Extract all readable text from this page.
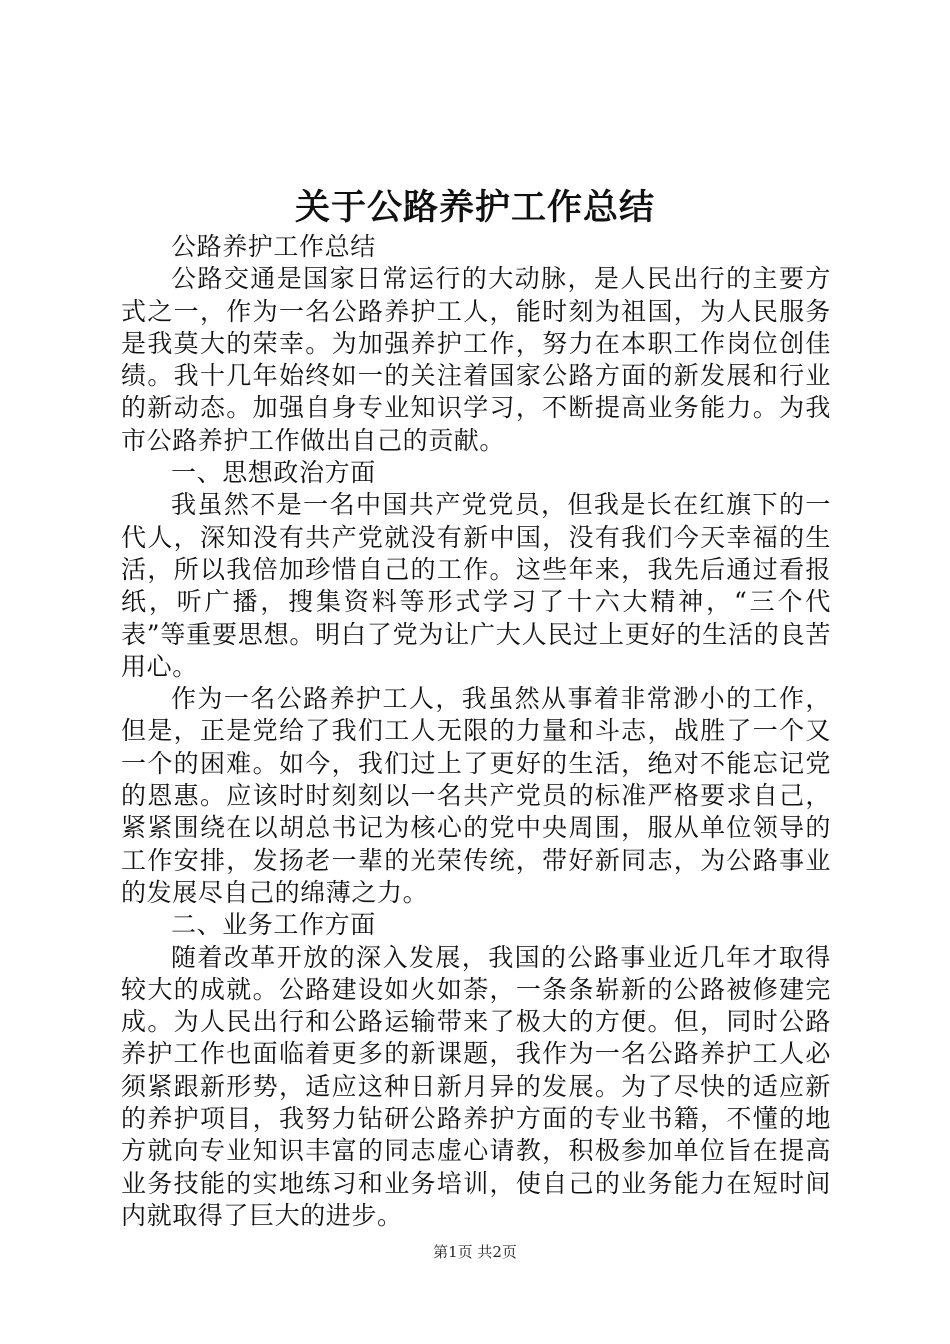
关于公路养护工作总结

公路养护工作总结

公路交通是国家日常运行的大动脉，是人民出行的主要方式之一，作为一名公路养护工人，能时刻为祖国，为人民服务是我莫大的荣幸。为加强养护工作，努力在本职工作岗位创佳绩。我十几年始终如一的关注着国家公路方面的新发展和行业的新动态。加强自身专业知识学习，不断提高业务能力。为我市公路养护工作做出自己的贡献。

一、思想政治方面

我虽然不是一名中国共产党党员，但我是长在红旗下的一代人，深知没有共产党就没有新中国，没有我们今天幸福的生活，所以我倍加珍惜自己的工作。这些年来，我先后通过看报纸，听广播，搜集资料等形式学习了十六大精神，“三个代表”等重要思想。明白了党为让广大人民过上更好的生活的良苦用心。

作为一名公路养护工人，我虽然从事着非常渺小的工作，但是，正是党给了我们工人无限的力量和斗志，战胜了一个又一个的困难。如今，我们过上了更好的生活，绝对不能忘记党的恩惠。应该时时刻刻以一名共产党员的标准严格要求自己，紧紧围绕在以胡总书记为核心的党中央周围，服从单位领导的工作安排，发扬老一辈的光荣传统，带好新同志，为公路事业的发展尽自己的绵薄之力。

二、业务工作方面

随着改革开放的深入发展，我国的公路事业近几年才取得较大的成就。公路建设如火如荼，一条条崭新的公路被修建完成。为人民出行和公路运输带来了极大的方便。但，同时公路养护工作也面临着更多的新课题，我作为一名公路养护工人必须紧跟新形势，适应这种日新月异的发展。为了尽快的适应新的养护项目，我努力钻研公路养护方面的专业书籍，不懂的地方就向专业知识丰富的同志虚心请教，积极参加单位旨在提高业务技能的实地练习和业务培训，使自己的业务能力在短时间内就取得了巨大的进步。

第1页 共2页
